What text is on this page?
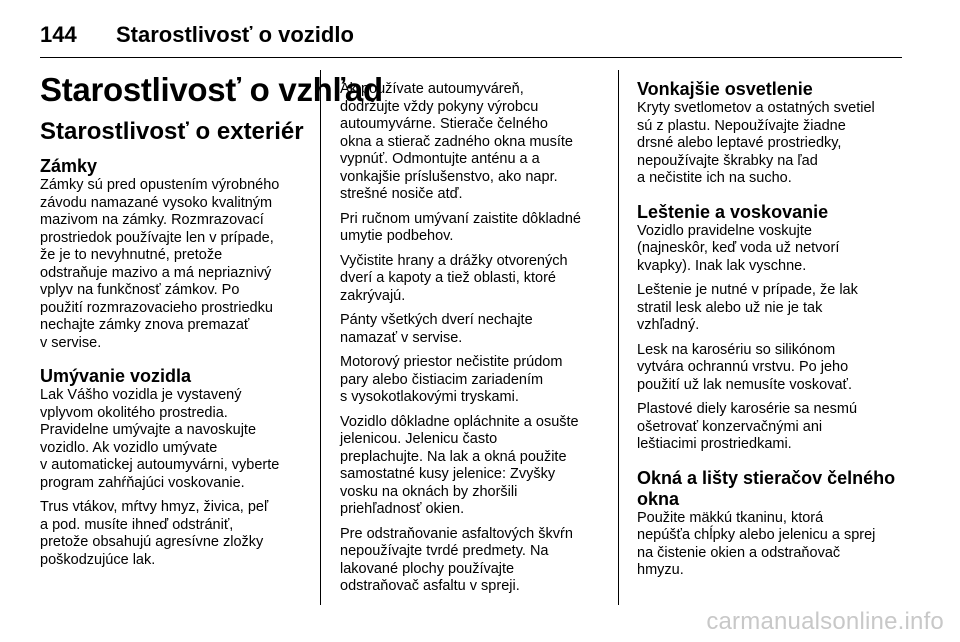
144 Starostlivosť o vozidlo
Starostlivosť o vzhľad
Starostlivosť o exteriér
Zámky

Zámky sú pred opustením výrobného
závodu namazané vysoko kvalitným
mazivom na zámky. Rozmrazovací
prostriedok používajte len v prípade,
že je to nevyhnutné, pretože
odstraňuje mazivo a má nepriaznivý
vplyv na funkčnosť zámkov. Po
použití rozmrazovacieho prostriedku
nechajte zámky znova premazať
v servise.

Umývanie vozidla

Lak Vášho vozidla je vystavený
vplyvom okolitého prostredia.
Pravidelne umývajte a navoskujte
vozidlo. Ak vozidlo umývate
v automatickej autoumyvárni, vyberte
program zahŕňajúci voskovanie.

Trus vtákov, mŕtvy hmyz, živica, peľ
a pod. musíte ihneď odstrániť,
pretože obsahujú agresívne zložky
poškodzujúce lak.

Ak používate autoumyváreň,
dodržujte vždy pokyny výrobcu
autoumyvárne. Stierače čelného
okna a stierač zadného okna musíte
vypnúť. Odmontujte anténu a a
vonkajšie príslušenstvo, ako napr.
strešné nosiče atď.

Pri ručnom umývaní zaistite dôkladné
umytie podbehov.

Vyčistite hrany a drážky otvorených
dverí a kapoty a tiež oblasti, ktoré
zakrývajú.

Pánty všetkých dverí nechajte
namazať v servise.

Motorový priestor nečistite prúdom
pary alebo čistiacim zariadením
s vysokotlakovými tryskami.

Vozidlo dôkladne opláchnite a osušte
jelenicou. Jelenicu často
preplachujte. Na lak a okná použite
samostatné kusy jelenice: Zvyšky
vosku na oknách by zhoršili
priehľadnosť okien.

Pre odstraňovanie asfaltových škvŕn
nepoužívajte tvrdé predmety. Na
lakované plochy používajte
odstraňovač asfaltu v spreji.

Vonkajšie osvetlenie

Kryty svetlometov a ostatných svetiel
sú z plastu. Nepoužívajte žiadne
drsné alebo leptavé prostriedky,
nepoužívajte škrabky na ľad
a nečistite ich na sucho.

Leštenie a voskovanie

Vozidlo pravidelne voskujte
(najneskôr, keď voda už netvorí
kvapky). Inak lak vyschne.

Leštenie je nutné v prípade, že lak
stratil lesk alebo už nie je tak
vzhľadný.

Lesk na karosériu so silikónom
vytvára ochrannú vrstvu. Po jeho
použití už lak nemusíte voskovať.

Plastové diely karosérie sa nesmú
ošetrovať konzervačnými ani
leštiacimi prostriedkami.

Okná a lišty stieračov čelného
okna

Použite mäkkú tkaninu, ktorá
nepúšťa chĺpky alebo jelenicu a sprej
na čistenie okien a odstraňovač
hmyzu.

carmanualsonline.info
